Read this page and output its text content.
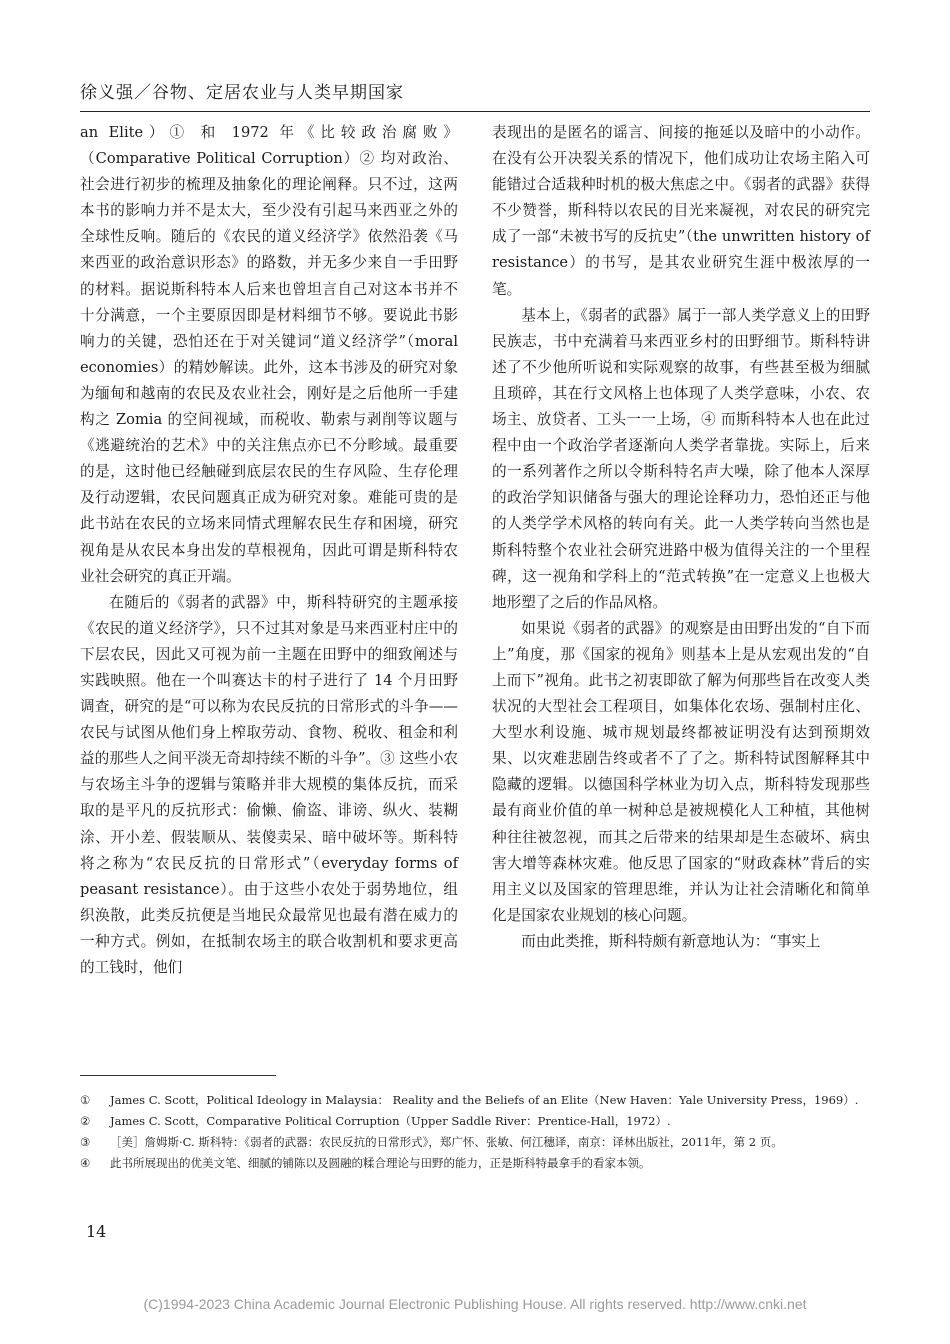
徐义强／谷物、定居农业与人类早期国家

an Elite）① 和 1972 年《比较政治腐败》（Comparative Political Corruption）② 均对政治、社会进行初步的梳理及抽象化的理论阐释。只不过，这两本书的影响力并不是太大，至少没有引起马来西亚之外的全球性反响。随后的《农民的道义经济学》依然沿袭《马来西亚的政治意识形态》的路数，并无多少来自一手田野的材料。据说斯科特本人后来也曾坦言自己对这本书并不十分满意，一个主要原因即是材料细节不够。要说此书影响力的关键，恐怕还在于对关键词“道义经济学”（moral economies）的精妙解读。此外，这本书涉及的研究对象为缅甸和越南的农民及农业社会，刚好是之后他所一手建构之 Zomia 的空间视域，而税收、勒索与剥削等议题与《逃避统治的艺术》中的关注焦点亦已不分畛域。最重要的是，这时他已经触碰到底层农民的生存风险、生存伦理及行动逻辑，农民问题真正成为研究对象。难能可贵的是此书站在农民的立场来同情式理解农民生存和困境，研究视角是从农民本身出发的草根视角，因此可谓是斯科特农业社会研究的真正开端。

在随后的《弱者的武器》中，斯科特研究的主题承接《农民的道义经济学》，只不过其对象是马来西亚村庄中的下层农民，因此又可视为前一主题在田野中的细致阐述与实践映照。他在一个叫赛达卡的村子进行了 14 个月田野调查，研究的是“可以称为农民反抗的日常形式的斗争——农民与试图从他们身上榨取劳动、食物、税收、租金和利益的那些人之间平淡无奇却持续不断的斗争”。③ 这些小农与农场主斗争的逻辑与策略并非大规模的集体反抗，而采取的是平凡的反抗形式：偷懒、偷盗、诽谤、纵火、装糊涂、开小差、假装顺从、装傻卖呆、暗中破坏等。斯科特将之称为“农民反抗的日常形式”（everyday forms of peasant resistance）。由于这些小农处于弱势地位，组织涣散，此类反抗便是当地民众最常见也最有潜在威力的一种方式。例如，在抵制农场主的联合收割机和要求更高的工钱时，他们

表现出的是匿名的谣言、间接的拖延以及暗中的小动作。在没有公开决裂关系的情况下，他们成功让农场主陷入可能错过合适栽种时机的极大焦虑之中。《弱者的武器》获得不少赞誉，斯科特以农民的目光来凝视，对农民的研究完成了一部“未被书写的反抗史”（the unwritten history of resistance）的书写，是其农业研究生涯中极浓厚的一笔。

基本上，《弱者的武器》属于一部人类学意义上的田野民族志，书中充满着马来西亚乡村的田野细节。斯科特讲述了不少他所听说和实际观察的故事，有些甚至极为细腻且琐碎，其在行文风格上也体现了人类学意味，小农、农场主、放贷者、工头一一上场，④ 而斯科特本人也在此过程中由一个政治学者逐渐向人类学者靠拢。实际上，后来的一系列著作之所以令斯科特名声大噪，除了他本人深厚的政治学知识储备与强大的理论诠释功力，恐怕还正与他的人类学学术风格的转向有关。此一人类学转向当然也是斯科特整个农业社会研究进路中极为值得关注的一个里程碑，这一视角和学科上的“范式转换”在一定意义上也极大地形塑了之后的作品风格。

如果说《弱者的武器》的观察是由田野出发的“自下而上”角度，那《国家的视角》则基本上是从宏观出发的“自上而下”视角。此书之初衷即欲了解为何那些旨在改变人类状况的大型社会工程项目，如集体化农场、强制村庄化、大型水利设施、城市规划最终都被证明没有达到预期效果、以灾难悲剧告终或者不了了之。斯科特试图解释其中隐藏的逻辑。以德国科学林业为切入点，斯科特发现那些最有商业价值的单一树种总是被规模化人工种植，其他树种往往被忽视，而其之后带来的结果却是生态破坏、病虫害大增等森林灾难。他反思了国家的“财政森林”背后的实用主义以及国家的管理思维，并认为让社会清晰化和简单化是国家农业规划的核心问题。

而由此类推，斯科特颇有新意地认为：“事实上

①	James C. Scott，Political Ideology in Malaysia： Reality and the Beliefs of an Elite（New Haven：Yale University Press，1969）.
②	James C. Scott，Comparative Political Corruption（Upper Saddle River：Prentice-Hall，1972）.
③	［美］詹姆斯·C. 斯科特：《弱者的武器：农民反抗的日常形式》，郑广怀、张敏、何江穗译，南京：译林出版社，2011年，第 2 页。
④	此书所展现出的优美文笔、细腻的铺陈以及圆融的糅合理论与田野的能力，正是斯科特最拿手的看家本领。
14
(C)1994-2023 China Academic Journal Electronic Publishing House. All rights reserved. http://www.cnki.net
